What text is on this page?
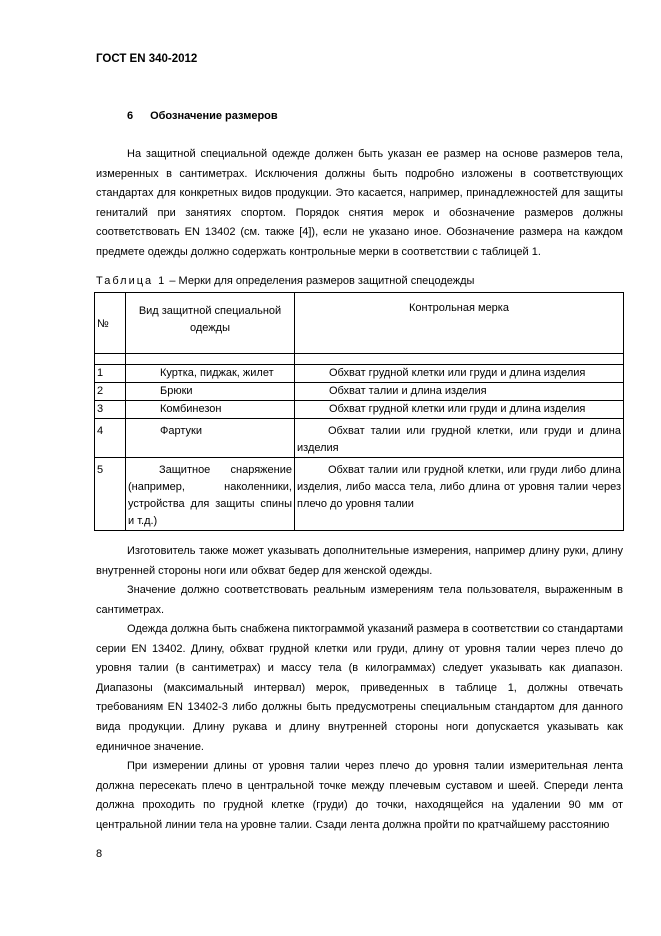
ГОСТ EN 340-2012
6 Обозначение размеров

На защитной специальной одежде должен быть указан ее размер на основе размеров тела, измеренных в сантиметрах. Исключения должны быть подробно изложены в соответствующих стандартах для конкретных видов продукции. Это касается, например, принадлежностей для защиты гениталий при занятиях спортом. Порядок снятия мерок и обозначение размеров должны соответствовать EN 13402 (см. также [4]), если не указано иное. Обозначение размера на каждом предмете одежды должно содержать контрольные мерки в соответствии с таблицей 1.

Таблица 1 – Мерки для определения размеров защитной спецодежды
№	Вид защитной специальной одежды	Контрольная мерка

1	Куртка, пиджак, жилет	Обхват грудной клетки или груди и длина изделия
2	Брюки	Обхват талии и длина изделия
3	Комбинезон	Обхват грудной клетки или груди и длина изделия
4	Фартуки	Обхват талии или грудной клетки, или груди и длина изделия
5	Защитное снаряжение (например, наколенники, устройства для защиты спины и т.д.)	Обхват талии или грудной клетки, или груди либо длина изделия, либо масса тела, либо длина от уровня талии через плечо до уровня талии

Изготовитель также может указывать дополнительные измерения, например длину руки, длину внутренней стороны ноги или обхват бедер для женской одежды.

Значение должно соответствовать реальным измерениям тела пользователя, выраженным в сантиметрах.

Одежда должна быть снабжена пиктограммой указаний размера в соответствии со стандартами серии EN 13402. Длину, обхват грудной клетки или груди, длину от уровня талии через плечо до уровня талии (в сантиметрах) и массу тела (в килограммах) следует указывать как диапазон. Диапазоны (максимальный интервал) мерок, приведенных в таблице 1, должны отвечать требованиям EN 13402-3 либо должны быть предусмотрены специальным стандартом для данного вида продукции. Длину рукава и длину внутренней стороны ноги допускается указывать как единичное значение.

При измерении длины от уровня талии через плечо до уровня талии измерительная лента должна пересекать плечо в центральной точке между плечевым суставом и шеей. Спереди лента должна проходить по грудной клетке (груди) до точки, находящейся на удалении 90 мм от центральной линии тела на уровне талии. Сзади лента должна пройти по кратчайшему расстоянию

8
